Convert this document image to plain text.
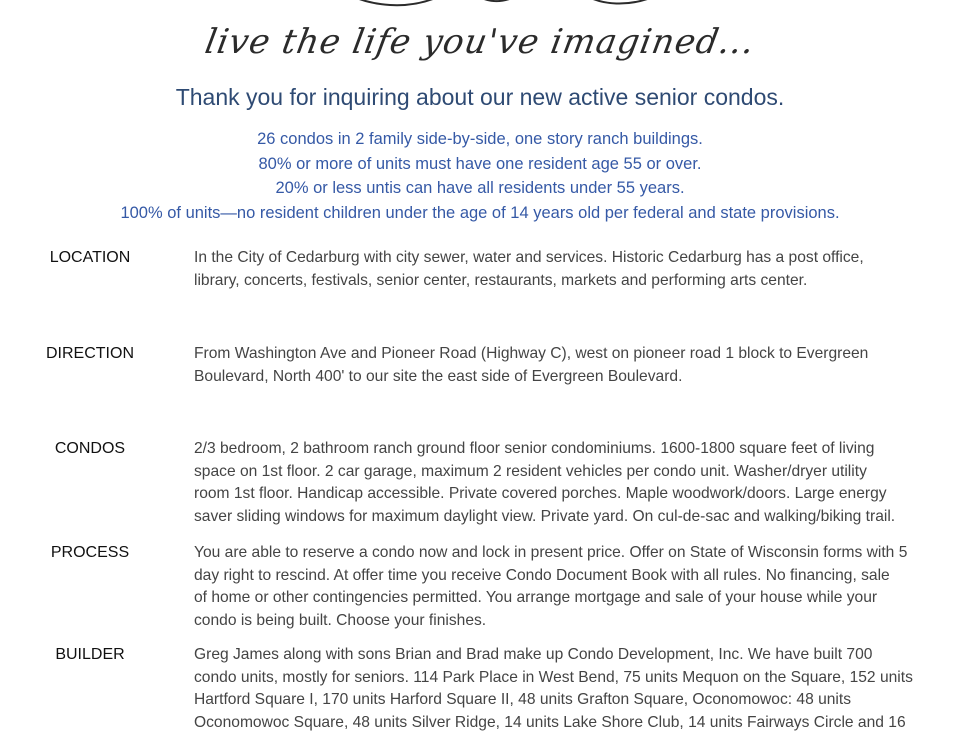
live the life you've imagined...
Thank you for inquiring about our new active senior condos.
26 condos in 2 family side-by-side, one story ranch buildings.
80% or more of units must have one resident age 55 or over.
20% or less untis can have all residents under 55 years.
100% of units—no resident children under the age of 14 years old per federal and state provisions.
LOCATION	In the City of Cedarburg with city sewer, water and services. Historic Cedarburg has a post office,
library, concerts, festivals, senior center, restaurants, markets and performing arts center.
DIRECTION	From Washington Ave and Pioneer Road (Highway C), west on pioneer road 1 block to Evergreen
Boulevard, North 400' to our site the east side of Evergreen Boulevard.
CONDOS	2/3 bedroom, 2 bathroom ranch ground floor senior condominiums. 1600-1800 square feet of living
space on 1st floor. 2 car garage, maximum 2 resident vehicles per condo unit. Washer/dryer utility
room 1st floor. Handicap accessible. Private covered porches. Maple woodwork/doors. Large energy
saver sliding windows for maximum daylight view. Private yard. On cul-de-sac and walking/biking trail.
PROCESS	You are able to reserve a condo now and lock in present price. Offer on State of Wisconsin forms with 5
day right to rescind. At offer time you receive Condo Document Book with all rules. No financing, sale
of home or other contingencies permitted. You arrange mortgage and sale of your house while your
condo is being built. Choose your finishes.
BUILDER	Greg James along with sons Brian and Brad make up Condo Development, Inc. We have built 700
condo units, mostly for seniors. 114 Park Place in West Bend, 75 units Mequon on the Square, 152 units
Hartford Square I, 170 units Harford Square II, 48 units Grafton Square, Oconomowoc: 48 units
Oconomowoc Square, 48 units Silver Ridge, 14 units Lake Shore Club, 14 units Fairways Circle and 16
